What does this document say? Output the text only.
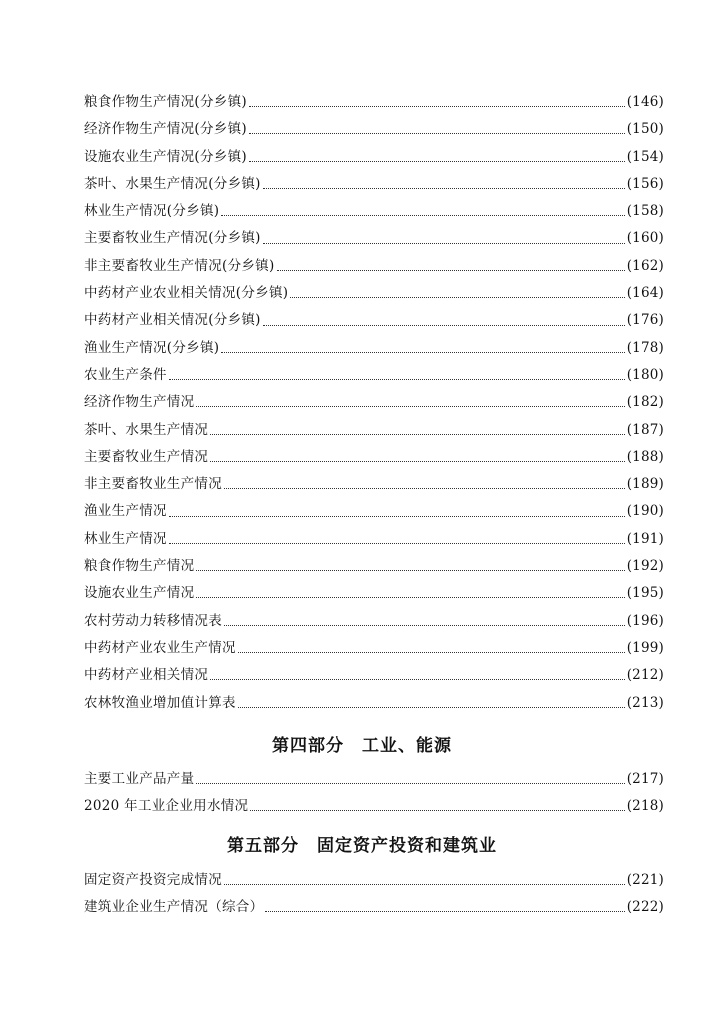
粮食作物生产情况(分乡镇)	(146)
经济作物生产情况(分乡镇)	(150)
设施农业生产情况(分乡镇)	(154)
茶叶、水果生产情况(分乡镇)	(156)
林业生产情况(分乡镇)	(158)
主要畜牧业生产情况(分乡镇)	(160)
非主要畜牧业生产情况(分乡镇)	(162)
中药材产业农业相关情况(分乡镇)	(164)
中药材产业相关情况(分乡镇)	(176)
渔业生产情况(分乡镇)	(178)
农业生产条件	(180)
经济作物生产情况	(182)
茶叶、水果生产情况	(187)
主要畜牧业生产情况	(188)
非主要畜牧业生产情况	(189)
渔业生产情况	(190)
林业生产情况	(191)
粮食作物生产情况	(192)
设施农业生产情况	(195)
农村劳动力转移情况表	(196)
中药材产业农业生产情况	(199)
中药材产业相关情况	(212)
农林牧渔业增加值计算表	(213)
第四部分　工业、能源
主要工业产品产量	(217)
2020 年工业企业用水情况	(218)
第五部分　固定资产投资和建筑业
固定资产投资完成情况	(221)
建筑业企业生产情况（综合）	(222)
